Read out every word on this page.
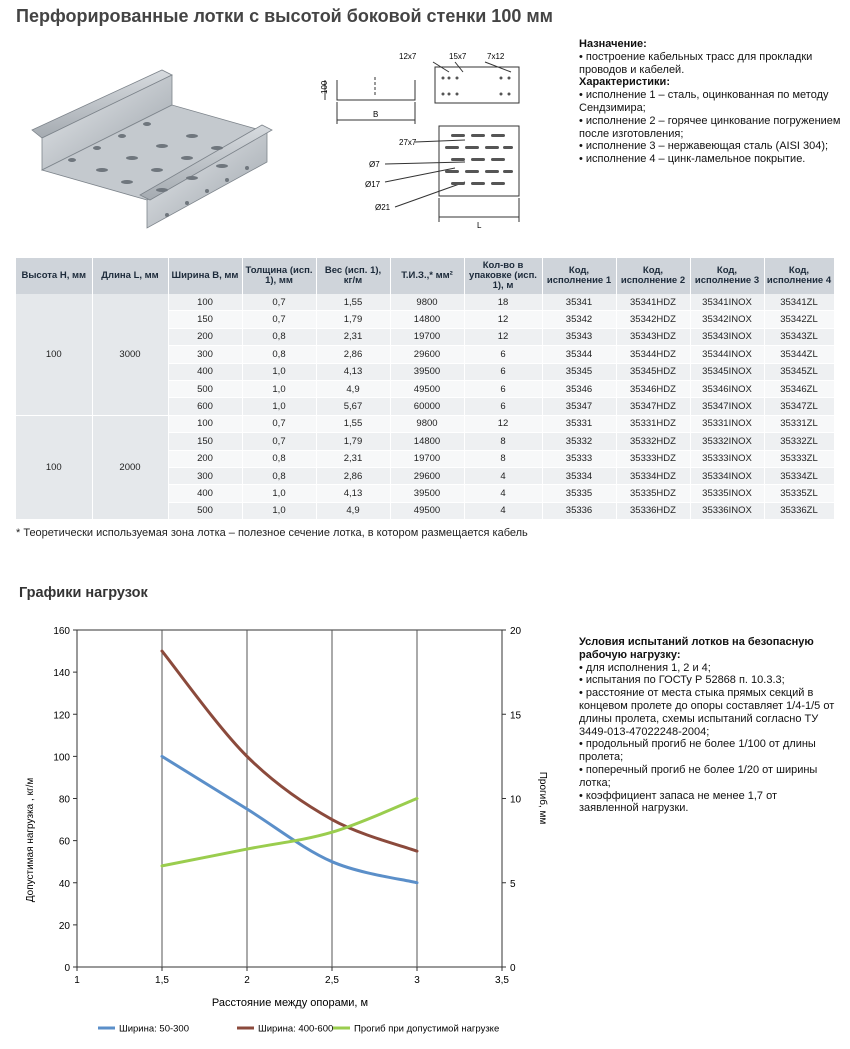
Перфорированные лотки с высотой боковой стенки 100 мм
100
B
L
12x7	15x7	7x12
27x7
Ø7
Ø17
Ø21
Назначение:
• построение кабельных трасс для прокладки проводов и кабелей.
Характеристики:
• исполнение 1 – сталь, оцинкованная по методу Сендзимира;
• исполнение 2 – горячее цинкование погружением после изготовления;
• исполнение 3 – нержавеющая сталь (AISI 304);
• исполнение 4 – цинк-ламельное покрытие.
Высота H, мм	Длина L, мм	Ширина B, мм	Толщина (исп. 1), мм	Вес (исп. 1), кг/м	Т.И.З.,* мм²	Кол-во в упаковке (исп. 1), м	Код, исполнение 1	Код, исполнение 2	Код, исполнение 3	Код, исполнение 4
100	3000	100	0,7	1,55	9800	18	35341	35341HDZ	35341INOX	35341ZL
		150	0,7	1,79	14800	12	35342	35342HDZ	35342INOX	35342ZL
		200	0,8	2,31	19700	12	35343	35343HDZ	35343INOX	35343ZL
		300	0,8	2,86	29600	6	35344	35344HDZ	35344INOX	35344ZL
		400	1,0	4,13	39500	6	35345	35345HDZ	35345INOX	35345ZL
		500	1,0	4,9	49500	6	35346	35346HDZ	35346INOX	35346ZL
		600	1,0	5,67	60000	6	35347	35347HDZ	35347INOX	35347ZL
100	2000	100	0,7	1,55	9800	12	35331	35331HDZ	35331INOX	35331ZL
		150	0,7	1,79	14800	8	35332	35332HDZ	35332INOX	35332ZL
		200	0,8	2,31	19700	8	35333	35333HDZ	35333INOX	35333ZL
		300	0,8	2,86	29600	4	35334	35334HDZ	35334INOX	35334ZL
		400	1,0	4,13	39500	4	35335	35335HDZ	35335INOX	35335ZL
		500	1,0	4,9	49500	4	35336	35336HDZ	35336INOX	35336ZL
* Теоретически используемая зона лотка – полезное сечение лотка, в котором размещается кабель
Графики нагрузок
1	1,5	2	2,5	3	3,5
0
20
40
60
80
100
120
140
160
0
5
10
15
20
Расстояние между опорами, м
Допустимая нагрузка , кг/м	Прогиб, мм
Ширина: 50-300	Ширина: 400-600 Прогиб при допустимой нагрузке
Условия испытаний лотков на безопасную рабочую нагрузку:
• для исполнения 1, 2 и 4;
• испытания по ГОСТу Р 52868 п. 10.3.3;
• расстояние от места стыка прямых секций в концевом пролете до опоры составляет 1/4-1/5 от длины пролета, схемы испытаний согласно ТУ 3449-013-47022248-2004;
• продольный прогиб не более 1/100 от длины пролета;
• поперечный прогиб не более 1/20 от ширины лотка;
• коэффициент запаса не менее 1,7 от заявленной нагрузки.
